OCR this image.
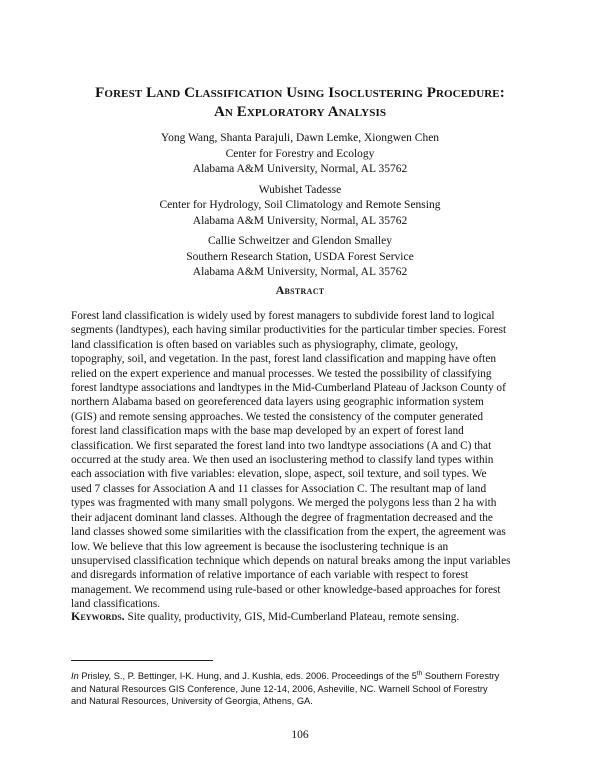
Forest Land Classification Using Isoclustering Procedure:
An Exploratory Analysis
Yong Wang, Shanta Parajuli, Dawn Lemke, Xiongwen Chen
Center for Forestry and Ecology
Alabama A&M University, Normal, AL 35762
Wubishet Tadesse
Center for Hydrology, Soil Climatology and Remote Sensing
Alabama A&M University, Normal, AL 35762
Callie Schweitzer and Glendon Smalley
Southern Research Station, USDA Forest Service
Alabama A&M University, Normal, AL 35762
Abstract

Forest land classification is widely used by forest managers to subdivide forest land to logical

segments (landtypes), each having similar productivities for the particular timber species. Forest

land classification is often based on variables such as physiography, climate, geology,

topography, soil, and vegetation. In the past, forest land classification and mapping have often

relied on the expert experience and manual processes. We tested the possibility of classifying

forest landtype associations and landtypes in the Mid-Cumberland Plateau of Jackson County of

northern Alabama based on georeferenced data layers using geographic information system

(GIS) and remote sensing approaches. We tested the consistency of the computer generated

forest land classification maps with the base map developed by an expert of forest land

classification. We first separated the forest land into two landtype associations (A and C) that

occurred at the study area. We then used an isoclustering method to classify land types within

each association with five variables: elevation, slope, aspect, soil texture, and soil types. We

used 7 classes for Association A and 11 classes for Association C. The resultant map of land

types was fragmented with many small polygons. We merged the polygons less than 2 ha with

their adjacent dominant land classes. Although the degree of fragmentation decreased and the

land classes showed some similarities with the classification from the expert, the agreement was

low. We believe that this low agreement is because the isoclustering technique is an

unsupervised classification technique which depends on natural breaks among the input variables

and disregards information of relative importance of each variable with respect to forest

management. We recommend using rule-based or other knowledge-based approaches for forest

land classifications.

Keywords. Site quality, productivity, GIS, Mid-Cumberland Plateau, remote sensing.
In Prisley, S., P. Bettinger, I-K. Hung, and J. Kushla, eds. 2006. Proceedings of the 5th Southern Forestry
and Natural Resources GIS Conference, June 12-14, 2006, Asheville, NC. Warnell School of Forestry
and Natural Resources, University of Georgia, Athens, GA.
106
